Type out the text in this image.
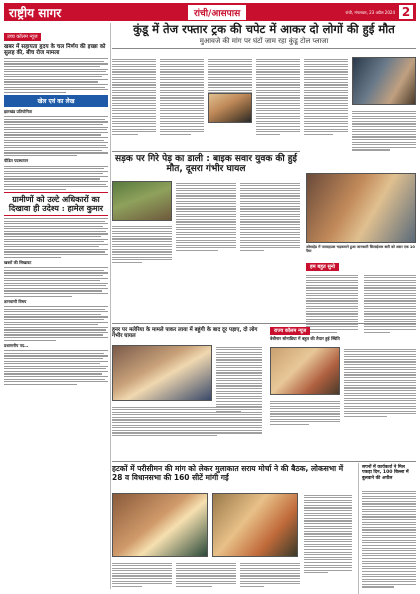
राष्ट्रीय सागर	रांची/आसपास	रांची, मंगलवार, 23 अप्रैल 2024 2
उच्च कॉलम न्यूज
खबर में सहायता हृदय के चल निर्णय की इच्छा को सुलह की, बीच रोज मामला
खेल एवं का लेख
झारखंड प्रतियोगिता
पीडित पदस्थापन
ग्रामीणों को उल्टे अधिकारों का दिखावा ही उदेश्य : हामेल कुमार
खबरों की सिखावट
ज्ञानवाणी विषय
प्रशासनीय पद…
कुंडू में तेज रफ्तार ट्रक की चपेट में आकर दो लोगों की हुई मौत
मुआवजे की मांग पर घंटों जाम रहा कुंडू टोल प्लाजा
सड़क पर गिरे पेड़ का डाली : बाइक सवार युवक की हुई मौत, दूसरा गंभीर घायल
ओवरहेड में पावरहाउस भड़कवाने हुआ जानकारी सिलाईश्वर बारी को असर एक 10 पैसा
हम बहुत सुनो
हुनर पर मलेरिया के मामले पाकर लाया में बहुंगी के बाद दूर पड़ाए, दो लोग गंभीर घायल
राज्य कॉलम न्यूज
वेबीनार सोनाडिया में बहुत की तैयार हुई स्थिति
हटकों में परीसीमन की मांग को लेकर मुलाकात सराय मोर्चा ने की बैठक, लोकसभा में 28 व विधानसभा की 160 सीटें मांगी गईं
सपनों में कार्यकर्ता ने मिल पकड़ा दिन, 100 बिल्ला में बुलवाने की अपील
